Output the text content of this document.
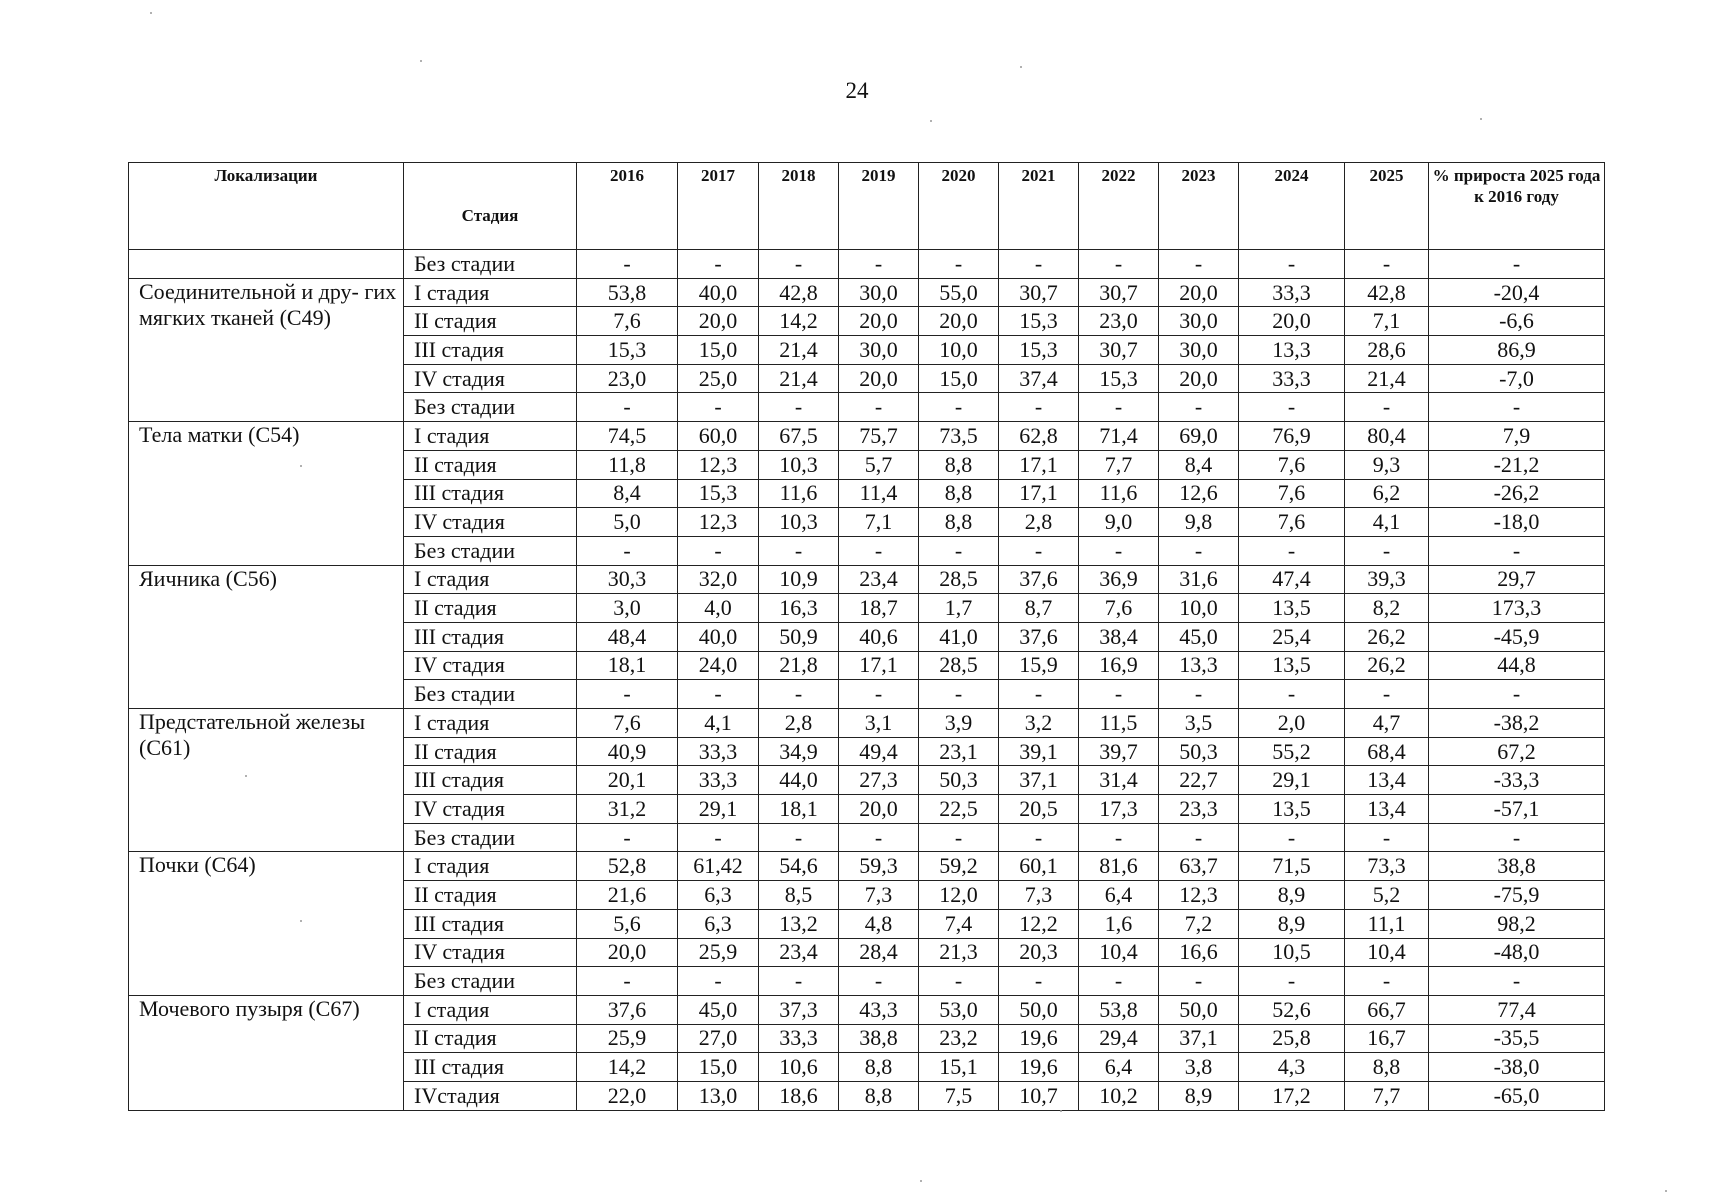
24
Локализации	Стадия	2016	2017	2018	2019	2020	2021	2022	2023	2024	2025	% прироста 2025 года к 2016 году
	Без стадии	-	-	-	-	-	-	-	-	-	-	-
Соединительной и дру- гих мягких тканей (С49)	I стадия	53,8	40,0	42,8	30,0	55,0	30,7	30,7	20,0	33,3	42,8	-20,4
	II стадия	7,6	20,0	14,2	20,0	20,0	15,3	23,0	30,0	20,0	7,1	-6,6
	III стадия	15,3	15,0	21,4	30,0	10,0	15,3	30,7	30,0	13,3	28,6	86,9
	IV стадия	23,0	25,0	21,4	20,0	15,0	37,4	15,3	20,0	33,3	21,4	-7,0
	Без стадии	-	-	-	-	-	-	-	-	-	-	-
Тела матки (С54)	I стадия	74,5	60,0	67,5	75,7	73,5	62,8	71,4	69,0	76,9	80,4	7,9
	II стадия	11,8	12,3	10,3	5,7	8,8	17,1	7,7	8,4	7,6	9,3	-21,2
	III стадия	8,4	15,3	11,6	11,4	8,8	17,1	11,6	12,6	7,6	6,2	-26,2
	IV стадия	5,0	12,3	10,3	7,1	8,8	2,8	9,0	9,8	7,6	4,1	-18,0
	Без стадии	-	-	-	-	-	-	-	-	-	-	-
Яичника (С56)	I стадия	30,3	32,0	10,9	23,4	28,5	37,6	36,9	31,6	47,4	39,3	29,7
	II стадия	3,0	4,0	16,3	18,7	1,7	8,7	7,6	10,0	13,5	8,2	173,3
	III стадия	48,4	40,0	50,9	40,6	41,0	37,6	38,4	45,0	25,4	26,2	-45,9
	IV стадия	18,1	24,0	21,8	17,1	28,5	15,9	16,9	13,3	13,5	26,2	44,8
	Без стадии	-	-	-	-	-	-	-	-	-	-	-
Предстательной железы (С61)	I стадия	7,6	4,1	2,8	3,1	3,9	3,2	11,5	3,5	2,0	4,7	-38,2
	II стадия	40,9	33,3	34,9	49,4	23,1	39,1	39,7	50,3	55,2	68,4	67,2
	III стадия	20,1	33,3	44,0	27,3	50,3	37,1	31,4	22,7	29,1	13,4	-33,3
	IV стадия	31,2	29,1	18,1	20,0	22,5	20,5	17,3	23,3	13,5	13,4	-57,1
	Без стадии	-	-	-	-	-	-	-	-	-	-	-
Почки (С64)	I стадия	52,8	61,42	54,6	59,3	59,2	60,1	81,6	63,7	71,5	73,3	38,8
	II стадия	21,6	6,3	8,5	7,3	12,0	7,3	6,4	12,3	8,9	5,2	-75,9
	III стадия	5,6	6,3	13,2	4,8	7,4	12,2	1,6	7,2	8,9	11,1	98,2
	IV стадия	20,0	25,9	23,4	28,4	21,3	20,3	10,4	16,6	10,5	10,4	-48,0
	Без стадии	-	-	-	-	-	-	-	-	-	-	-
Мочевого пузыря (С67)	I стадия	37,6	45,0	37,3	43,3	53,0	50,0	53,8	50,0	52,6	66,7	77,4
	II стадия	25,9	27,0	33,3	38,8	23,2	19,6	29,4	37,1	25,8	16,7	-35,5
	III стадия	14,2	15,0	10,6	8,8	15,1	19,6	6,4	3,8	4,3	8,8	-38,0
	IVстадия	22,0	13,0	18,6	8,8	7,5	10,7	10,2	8,9	17,2	7,7	-65,0
